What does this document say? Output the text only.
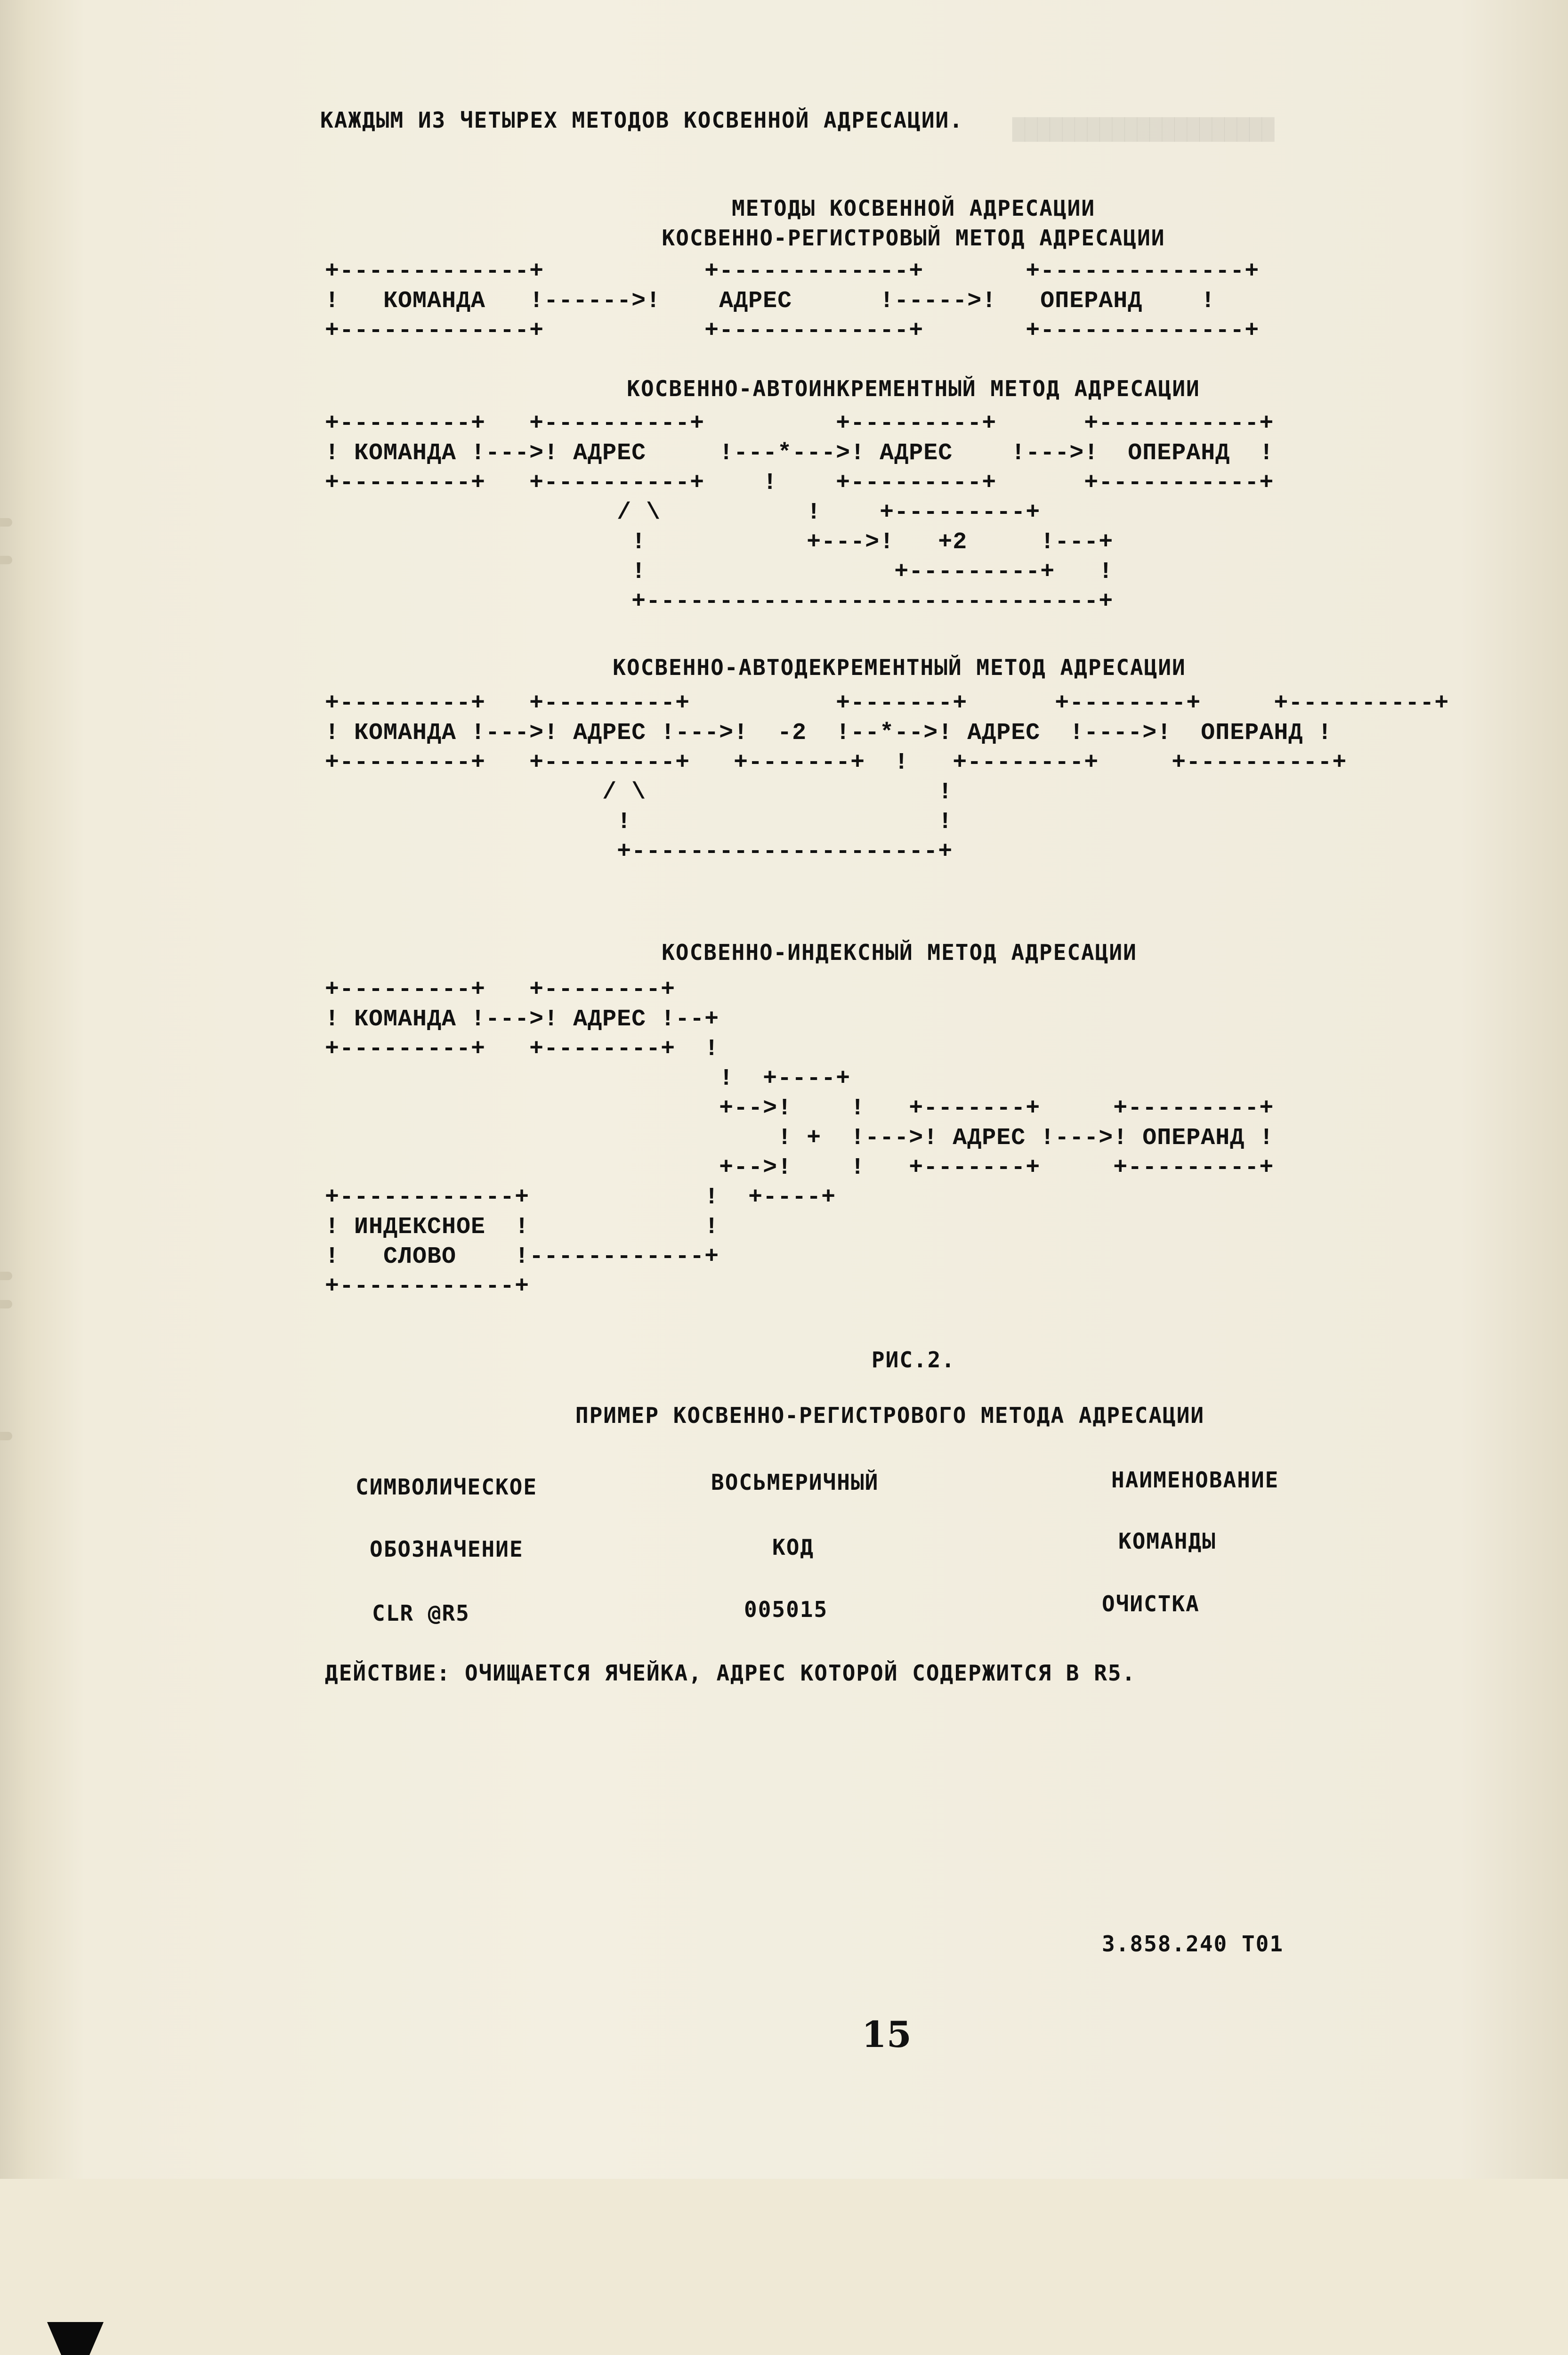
КАЖДЫМ ИЗ ЧЕТЫРЕХ МЕТОДОВ КОСВЕННОЙ АДРЕСАЦИИ.
МЕТОДЫ КОСВЕННОЙ АДРЕСАЦИИ
КОСВЕННО-РЕГИСТРОВЫЙ МЕТОД АДРЕСАЦИИ
+-------------+           +-------------+       +--------------+
!   КОМАНДА   !------>!    АДРЕС      !----->!   ОПЕРАНД    !
+-------------+           +-------------+       +--------------+
КОСВЕННО-АВТОИНКРЕМЕНТНЫЙ МЕТОД АДРЕСАЦИИ
+---------+   +----------+         +---------+      +-----------+
! КОМАНДА !--->! АДРЕС     !---*--->! АДРЕС    !--->!  ОПЕРАНД  !
+---------+   +----------+    !    +---------+      +-----------+
/ \          !    +---------+
!           +--->!   +2     !---+
!                 +---------+   !
+-------------------------------+
КОСВЕННО-АВТОДЕКРЕМЕНТНЫЙ МЕТОД АДРЕСАЦИИ
+---------+   +---------+          +-------+      +--------+     +----------+
! КОМАНДА !--->! АДРЕС !--->!  -2  !--*-->! АДРЕС  !---->!  ОПЕРАНД !
+---------+   +---------+   +-------+  !   +--------+     +----------+
/ \                    !
!                     !
+---------------------+
КОСВЕННО-ИНДЕКСНЫЙ МЕТОД АДРЕСАЦИИ
+---------+   +--------+
! КОМАНДА !--->! АДРЕС !--+
+---------+   +--------+  !
!  +----+
+-->!    !   +-------+     +---------+
! +  !--->! АДРЕС !--->! ОПЕРАНД !
+-->!    !   +-------+     +---------+
+------------+            !  +----+
! ИНДЕКСНОЕ  !            !
!   СЛОВО    !------------+
+------------+
РИС.2.
ПРИМЕР КОСВЕННО-РЕГИСТРОВОГО МЕТОДА АДРЕСАЦИИ
СИМВОЛИЧЕСКОЕ	ВОСЬМЕРИЧНЫЙ	НАИМЕНОВАНИЕ
ОБОЗНАЧЕНИЕ	КОД	КОМАНДЫ
CLR @R5	005015	ОЧИСТКА
ДЕЙСТВИЕ: ОЧИЩАЕТСЯ ЯЧЕЙКА, АДРЕС КОТОРОЙ СОДЕРЖИТСЯ В R5.
3.858.240 Т01
15
█████████████████████
